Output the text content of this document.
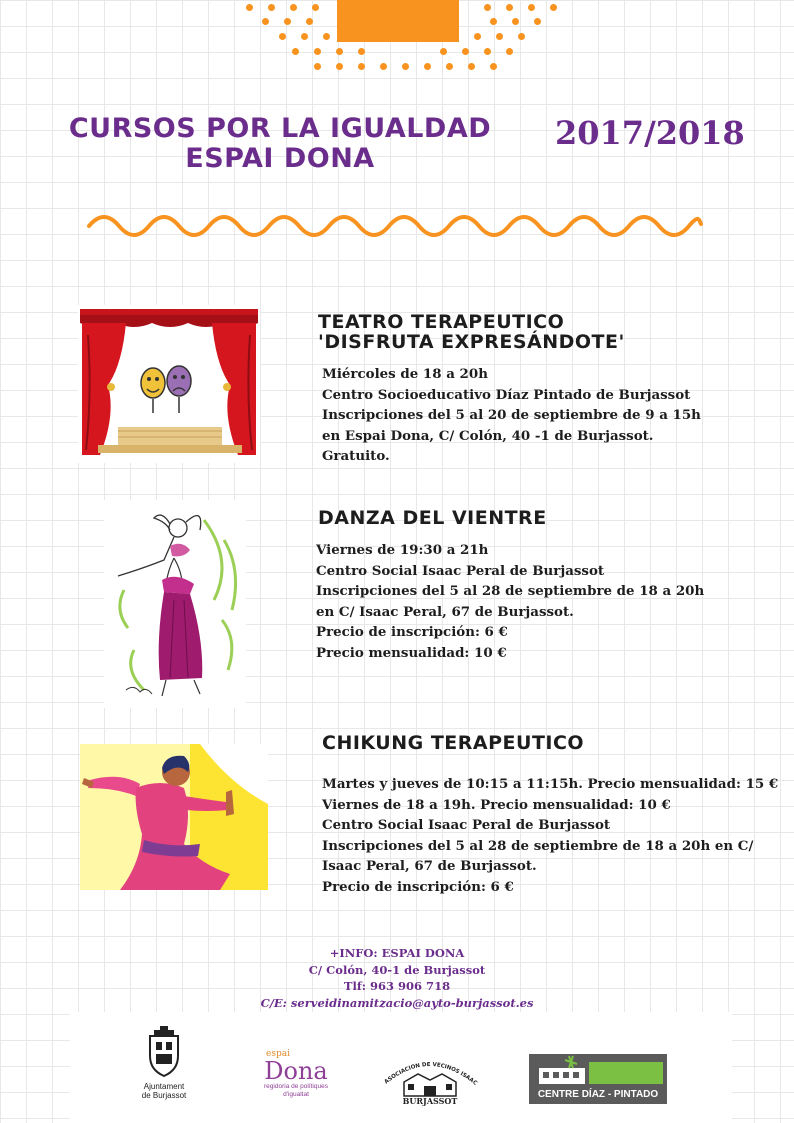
CURSOS POR LA IGUALDAD
ESPAI DONA
2017/2018
TEATRO TERAPEUTICO
'DISFRUTA EXPRESÁNDOTE'
Miércoles de 18 a 20h
Centro Socioeducativo Díaz Pintado de Burjassot
Inscripciones del 5 al 20 de septiembre de 9 a 15h
en Espai Dona, C/ Colón, 40 -1 de Burjassot.
Gratuito.
DANZA DEL VIENTRE
Viernes de 19:30 a 21h
Centro Social Isaac Peral de Burjassot
Inscripciones del 5 al 28 de septiembre de 18 a 20h
en C/ Isaac Peral, 67 de Burjassot.
Precio de inscripción: 6 €
Precio mensualidad: 10 €
CHIKUNG TERAPEUTICO
Martes y jueves de 10:15 a 11:15h. Precio mensualidad: 15 €
Viernes de 18 a 19h. Precio mensualidad: 10 €
Centro Social Isaac Peral de Burjassot
Inscripciones del 5 al 28 de septiembre de 18 a 20h en C/
Isaac Peral, 67 de Burjassot.
Precio de inscripción: 6 €
+INFO: ESPAI DONA
C/ Colón, 40-1 de Burjassot
Tlf: 963 906 718
C/E: serveidinamitzacio@ayto-burjassot.es
Ajuntament
de Burjassot
espai
Dona
regidoria de polítiques
d'igualtat
ASOCIACION DE VECINOS ISAAC
BURJASSOT
CENTRE DÍAZ - PINTADO
